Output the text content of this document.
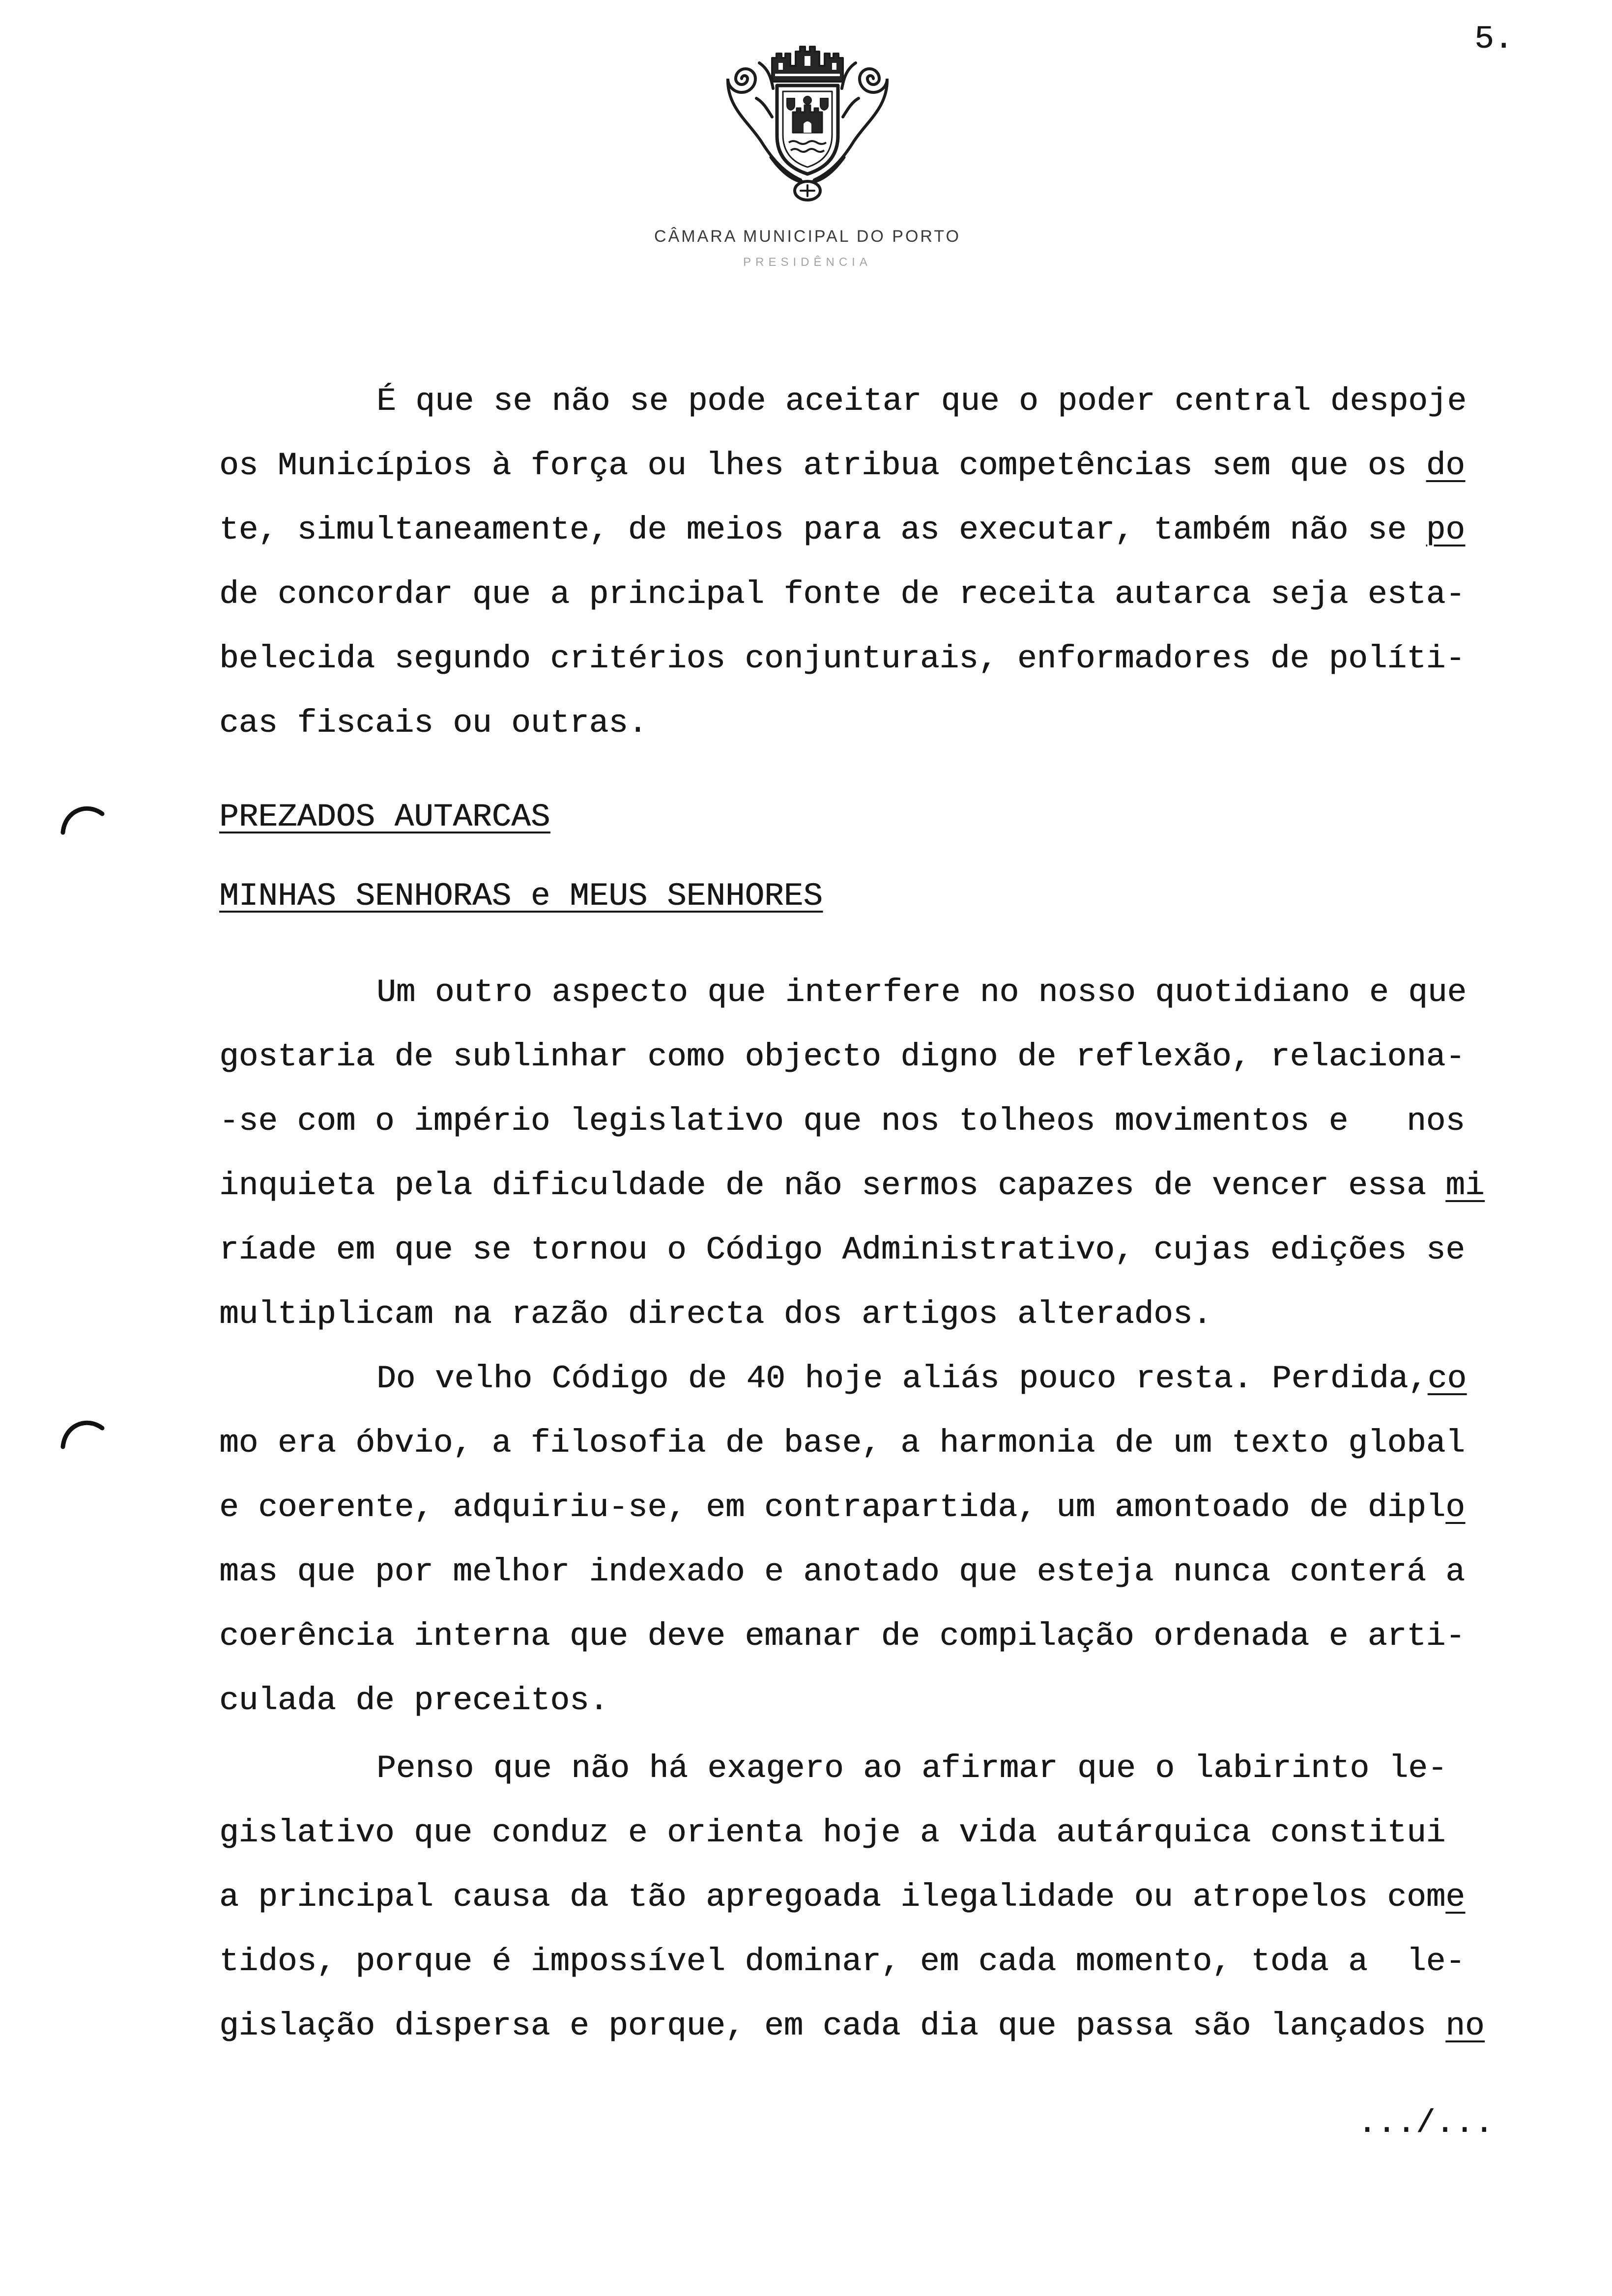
5.
CÂMARA MUNICIPAL DO PORTO
PRESIDÊNCIA
É que se não se pode aceitar que o poder central despoje
os Municípios à força ou lhes atribua competências sem que os do
te, simultaneamente, de meios para as executar, também não se po
de concordar que a principal fonte de receita autarca seja esta-
belecida segundo critérios conjunturais, enformadores de políti-
cas fiscais ou outras.
PREZADOS AUTARCAS
MINHAS SENHORAS e MEUS SENHORES
Um outro aspecto que interfere no nosso quotidiano e que
gostaria de sublinhar como objecto digno de reflexão, relaciona-
-se com o império legislativo que nos tolheos movimentos e   nos
inquieta pela dificuldade de não sermos capazes de vencer essa mi
ríade em que se tornou o Código Administrativo, cujas edições se
multiplicam na razão directa dos artigos alterados.
Do velho Código de 40 hoje aliás pouco resta. Perdida,co
mo era óbvio, a filosofia de base, a harmonia de um texto global
e coerente, adquiriu-se, em contrapartida, um amontoado de diplo
mas que por melhor indexado e anotado que esteja nunca conterá a
coerência interna que deve emanar de compilação ordenada e arti-
culada de preceitos.
Penso que não há exagero ao afirmar que o labirinto le-
gislativo que conduz e orienta hoje a vida autárquica constitui
a principal causa da tão apregoada ilegalidade ou atropelos come
tidos, porque é impossível dominar, em cada momento, toda a  le-
gislação dispersa e porque, em cada dia que passa são lançados no
.../...
